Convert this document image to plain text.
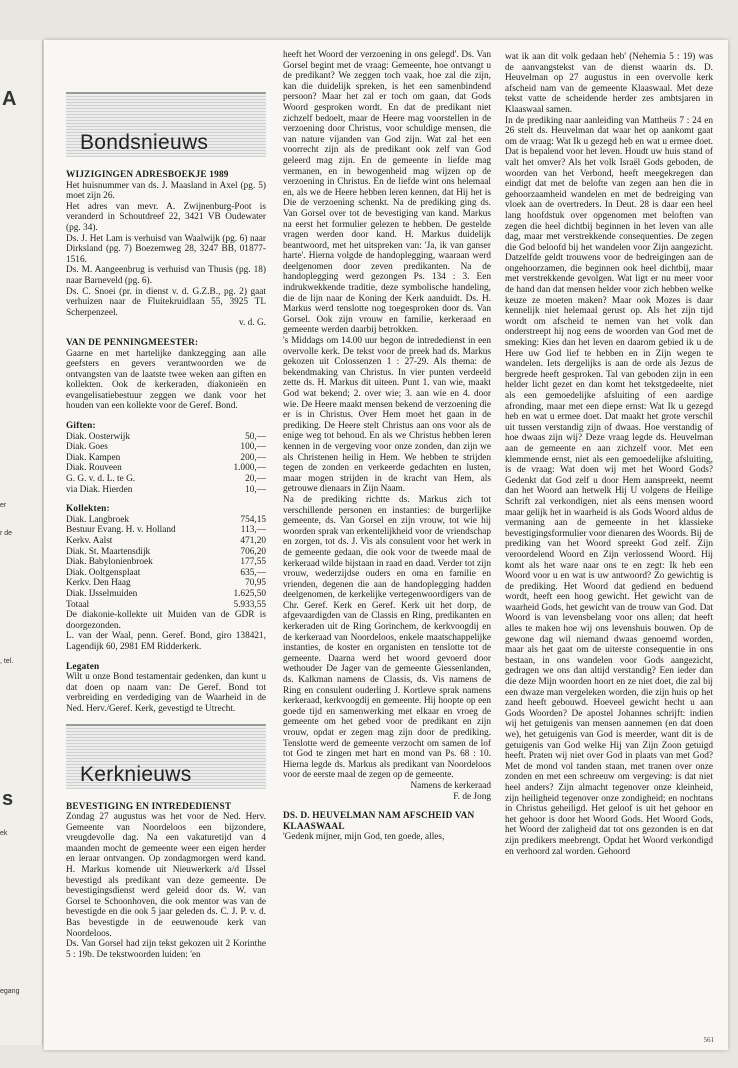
A
er
r de
, tel.
s
ek
egang
Bondsnieuws
WIJZIGINGEN ADRESBOEKJE 1989

Het huisnummer van ds. J. Maasland in Axel (pg. 5) moet zijn 26.

Het adres van mevr. A. Zwijnenburg-Poot is veranderd in Schoutdreef 22, 3421 VB Oudewater (pg. 34).

Ds. J. Het Lam is verhuisd van Waalwijk (pg. 6) naar Dirksland (pg. 7) Boezemweg 28, 3247 BB, 01877-1516.

Ds. M. Aangeenbrug is verhuisd van Thusis (pg. 18) naar Barneveld (pg. 6).

Ds. C. Snoei (pr. in dienst v. d. G.Z.B., pg. 2) gaat verhuizen naar de Fluitekruidlaan 55, 3925 TL Scherpenzeel.

v. d. G.
VAN DE PENNINGMEESTER:

Gaarne en met hartelijke dankzegging aan alle geefsters en gevers verantwoorden we de ontvangsten van de laatste twee weken aan giften en kollekten. Ook de kerkeraden, diakonieën en evangelisatiebestuur zeggen we dank voor het houden van een kollekte voor de Geref. Bond.

Giften:
Diak. Oosterwijk	50,—
Diak. Goes	100,—
Diak. Kampen	200,—
Diak. Rouveen	1.000,—
G. G. v. d. L. te G.	20,—
via Diak. Hierden	10,—
Kollekten:
Diak. Langbroek	754,15
Bestuur Evang. H. v. Holland	113,—
Kerkv. Aalst	471,20
Diak. St. Maartensdijk	706,20
Diak. Babylonienbroek	177,55
Diak. Ooltgensplaat	635,—
Kerkv. Den Haag	70,95
Diak. IJsselmuiden	1.625,50
Totaal	5.933,55

De diakonie-kollekte uit Muiden van de GDR is doorgezonden.

L. van der Waal, penn. Geref. Bond, giro 138421, Lagendijk 60, 2981 EM Ridderkerk.

Legaten

Wilt u onze Bond testamentair gedenken, dan kunt u dat doen op naam van: De Geref. Bond tot verbreiding en verdediging van de Waarheid in de Ned. Herv./Geref. Kerk, gevestigd te Utrecht.

Kerknieuws
BEVESTIGING EN INTREDEDIENST

Zondag 27 augustus was het voor de Ned. Herv. Gemeente van Noordeloos een bijzondere, vreugdevolle dag. Na een vakaturetijd van 4 maanden mocht de gemeente weer een eigen herder en leraar ontvangen. Op zondagmorgen werd kand. H. Markus komende uit Nieuwerkerk a/d IJssel bevestigd als predikant van deze gemeente. De bevestigingsdienst werd geleid door ds. W. van Gorsel te Schoonhoven, die ook mentor was van de bevestigde en die ook 5 jaar geleden ds. C. J. P. v. d. Bas bevestigde in de eeuwenoude kerk van Noordeloos.

Ds. Van Gorsel had zijn tekst gekozen uit 2 Korinthe 5 : 19b. De tekstwoorden luiden: 'en

heeft het Woord der verzoening in ons gelegd'. Ds. Van Gorsel begint met de vraag: Gemeente, hoe ontvangt u de predikant? We zeggen toch vaak, hoe zal die zijn, kan die duidelijk spreken, is het een samenbindend persoon? Maar het zal er toch om gaan, dat Gods Woord gesproken wordt. En dat de predikant niet zichzelf bedoelt, maar de Heere mag voorstellen in de verzoening door Christus, voor schuldige mensen, die van nature vijanden van God zijn. Wat zal het een voorrecht zijn als de predikant ook zelf van God geleerd mag zijn. En de gemeente in liefde mag vermanen, en in bewogenheid mag wijzen op de verzoening in Christus. En de liefde wint ons helemaal en, als we de Heere hebben leren kennen, dat Hij het is Die de verzoening schenkt. Na de prediking ging ds. Van Gorsel over tot de bevestiging van kand. Markus na eerst het formulier gelezen te hebben. De gestelde vragen werden door kand. H. Markus duidelijk beantwoord, met het uitspreken van: 'Ja, ik van ganser harte'. Hierna volgde de handoplegging, waaraan werd deelgenomen door zeven predikanten. Na de handoplegging werd gezongen Ps. 134 : 3. Een indrukwekkende traditie, deze symbolische handeling, die de lijn naar de Koning der Kerk aanduidt. Ds. H. Markus werd tenslotte nog toegesproken door ds. Van Gorsel. Ook zijn vrouw en familie, kerkeraad en gemeente werden daarbij betrokken.

's Middags om 14.00 uur begon de intrededienst in een overvolle kerk. De tekst voor de preek had ds. Markus gekozen uit Colossenzen 1 : 27-29. Als thema: de bekendmaking van Christus. In vier punten verdeeld zette ds. H. Markus dit uiteen. Punt 1. van wie, maakt God wat bekend; 2. over wie; 3. aan wie en 4. door wie. De Heere maakt mensen bekend de verzoening die er is in Christus. Over Hem moet het gaan in de prediking. De Heere stelt Christus aan ons voor als de enige weg tot behoud. En als we Christus hebben leren kennen in de vergeving voor onze zonden, dan zijn we als Christenen heilig in Hem. We hebben te strijden tegen de zonden en verkeerde gedachten en lusten, maar mogen strijden in de kracht van Hem, als getrouwe dienaars in Zijn Naam.

Na de prediking richtte ds. Markus zich tot verschillende personen en instanties: de burgerlijke gemeente, ds. Van Gorsel en zijn vrouw, tot wie hij woorden sprak van erkentelijkheid voor de vriendschap en zorgen, tot ds. J. Vis als consulent voor het werk in de gemeente gedaan, die ook voor de tweede maal de kerkeraad wilde bijstaan in raad en daad. Verder tot zijn vrouw, wederzijdse ouders en oma en familie en vrienden, degenen die aan de handoplegging hadden deelgenomen, de kerkelijke vertegenwoordigers van de Chr. Geref. Kerk en Geref. Kerk uit het dorp, de afgevaardigden van de Classis en Ring, predikanten en kerkeraden uit de Ring Gorinchem, de kerkvoogdij en de kerkeraad van Noordeloos, enkele maatschappelijke instanties, de koster en organisten en tenslotte tot de gemeente. Daarna werd het woord gevoerd door wethouder De Jager van de gemeente Giessenlanden, ds. Kalkman namens de Classis, ds. Vis namens de Ring en consulent ouderling J. Kortleve sprak namens kerkeraad, kerkvoogdij en gemeente. Hij hoopte op een goede tijd en samenwerking met elkaar en vroeg de gemeente om het gebed voor de predikant en zijn vrouw, opdat er zegen mag zijn door de prediking. Tenslotte werd de gemeente verzocht om samen de lof tot God te zingen met hart en mond van Ps. 68 : 10. Hierna legde ds. Markus als predikant van Noordeloos voor de eerste maal de zegen op de gemeente.

Namens de kerkeraad
F. de Jong
DS. D. HEUVELMAN NAM AFSCHEID VAN KLAASWAAL

'Gedenk mijner, mijn God, ten goede, alles,

wat ik aan dit volk gedaan heb' (Nehemia 5 : 19) was de aanvangstekst van de dienst waarin ds. D. Heuvelman op 27 augustus in een overvolle kerk afscheid nam van de gemeente Klaaswaal. Met deze tekst vatte de scheidende herder zes ambtsjaren in Klaaswaal samen.

In de prediking naar aanleiding van Mattheüs 7 : 24 en 26 stelt ds. Heuvelman dat waar het op aankomt gaat om de vraag: Wat Ik u gezegd heb en wat u ermee doet. Dat is bepalend voor het leven. Houdt uw huis stand of valt het omver? Als het volk Israël Gods geboden, de woorden van het Verbond, heeft meegekregen dan eindigt dat met de belofte van zegen aan hen die in gehoorzaamheid wandelen en met de bedreiging van vloek aan de overtreders. In Deut. 28 is daar een heel lang hoofdstuk over opgenomen met beloften van zegen die heel dichtbij beginnen in het leven van alle dag, maar met verstrekkende consequenties. De zegen die God beloofd bij het wandelen voor Zijn aangezicht. Datzelfde geldt trouwens voor de bedreigingen aan de ongehoorzamen, die beginnen ook heel dichtbij, maar met verstrekkende gevolgen. Wat ligt er nu meer voor de hand dan dat mensen helder voor zich hebben welke keuze ze moeten maken? Maar ook Mozes is daar kennelijk niet helemaal gerust op. Als het zijn tijd wordt om afscheid te nemen van het volk dan onderstreept hij nog eens de woorden van God met de smeking: Kies dan het leven en daarom gebied ik u de Here uw God lief te hebben en in Zijn wegen te wandelen. Iets dergelijks is aan de orde als Jezus de bergrede heeft gesproken. Tal van geboden zijn in een helder licht gezet en dan komt het tekstgedeelte, niet als een gemoedelijke afsluiting of een aardige afronding, maar met een diepe ernst: Wat Ik u gezegd heb en wat u ermee doet. Dat maakt het grote verschil uit tussen verstandig zijn of dwaas. Hoe verstandig of hoe dwaas zijn wij? Deze vraag legde ds. Heuvelman aan de gemeente en aan zichzelf voor. Met een klemmende ernst, niet als een gemoedelijke afsluiting, is de vraag: Wat doen wij met het Woord Gods? Gedenkt dat God zelf u door Hem aanspreekt, neemt dan het Woord aan hetwelk Hij U volgens de Heilige Schrift zal verkondigen, niet als eens mensen woord maar gelijk het in waarheid is als Gods Woord aldus de vermaning aan de gemeente in het klassieke bevestigingsformulier voor dienaren des Woords. Bij de prediking van het Woord spreekt God zelf. Zijn veroordelend Woord en Zijn verlossend Woord. Hij komt als het ware naar ons te en zegt: Ik heb een Woord voor u en wat is uw antwoord? Zo gewichtig is de prediking. Het Woord dat gediend en beduend wordt, heeft een hoog gewicht. Het gewicht van de waarheid Gods, het gewicht van de trouw van God. Dat Woord is van levensbelang voor ons allen; dat heeft alles te maken hoe wij ons levenshuis bouwen. Op de gewone dag wil niemand dwaas genoemd worden, maar als het gaat om de uiterste consequentie in ons bestaan, in ons wandelen voor Gods aangezicht, gedragen we ons dan altijd verstandig? Een ieder dan die deze Mijn woorden hoort en ze niet doet, die zal bij een dwaze man vergeleken worden, die zijn huis op het zand heeft gebouwd. Hoeveel gewicht hecht u aan Gods Woorden? De apostel Johannes schrijft: indien wij het getuigenis van mensen aannemen (en dat doen we), het getuigenis van God is meerder, want dit is de getuigenis van God welke Hij van Zijn Zoon getuigd heeft. Praten wij niet over God in plaats van met God? Met de mond vol tanden staan, met tranen over onze zonden en met een schreeuw om vergeving: is dat niet heel anders? Zijn almacht tegenover onze kleinheid, zijn heiligheid tegenover onze zondigheid; en nochtans in Christus geheiligd. Het geloof is uit het gehoor en het gehoor is door het Woord Gods. Het Woord Gods, het Woord der zaligheid dat tot ons gezonden is en dat zijn predikers meebrengt. Opdat het Woord verkondigd en verhoord zal worden. Gehoord

561
